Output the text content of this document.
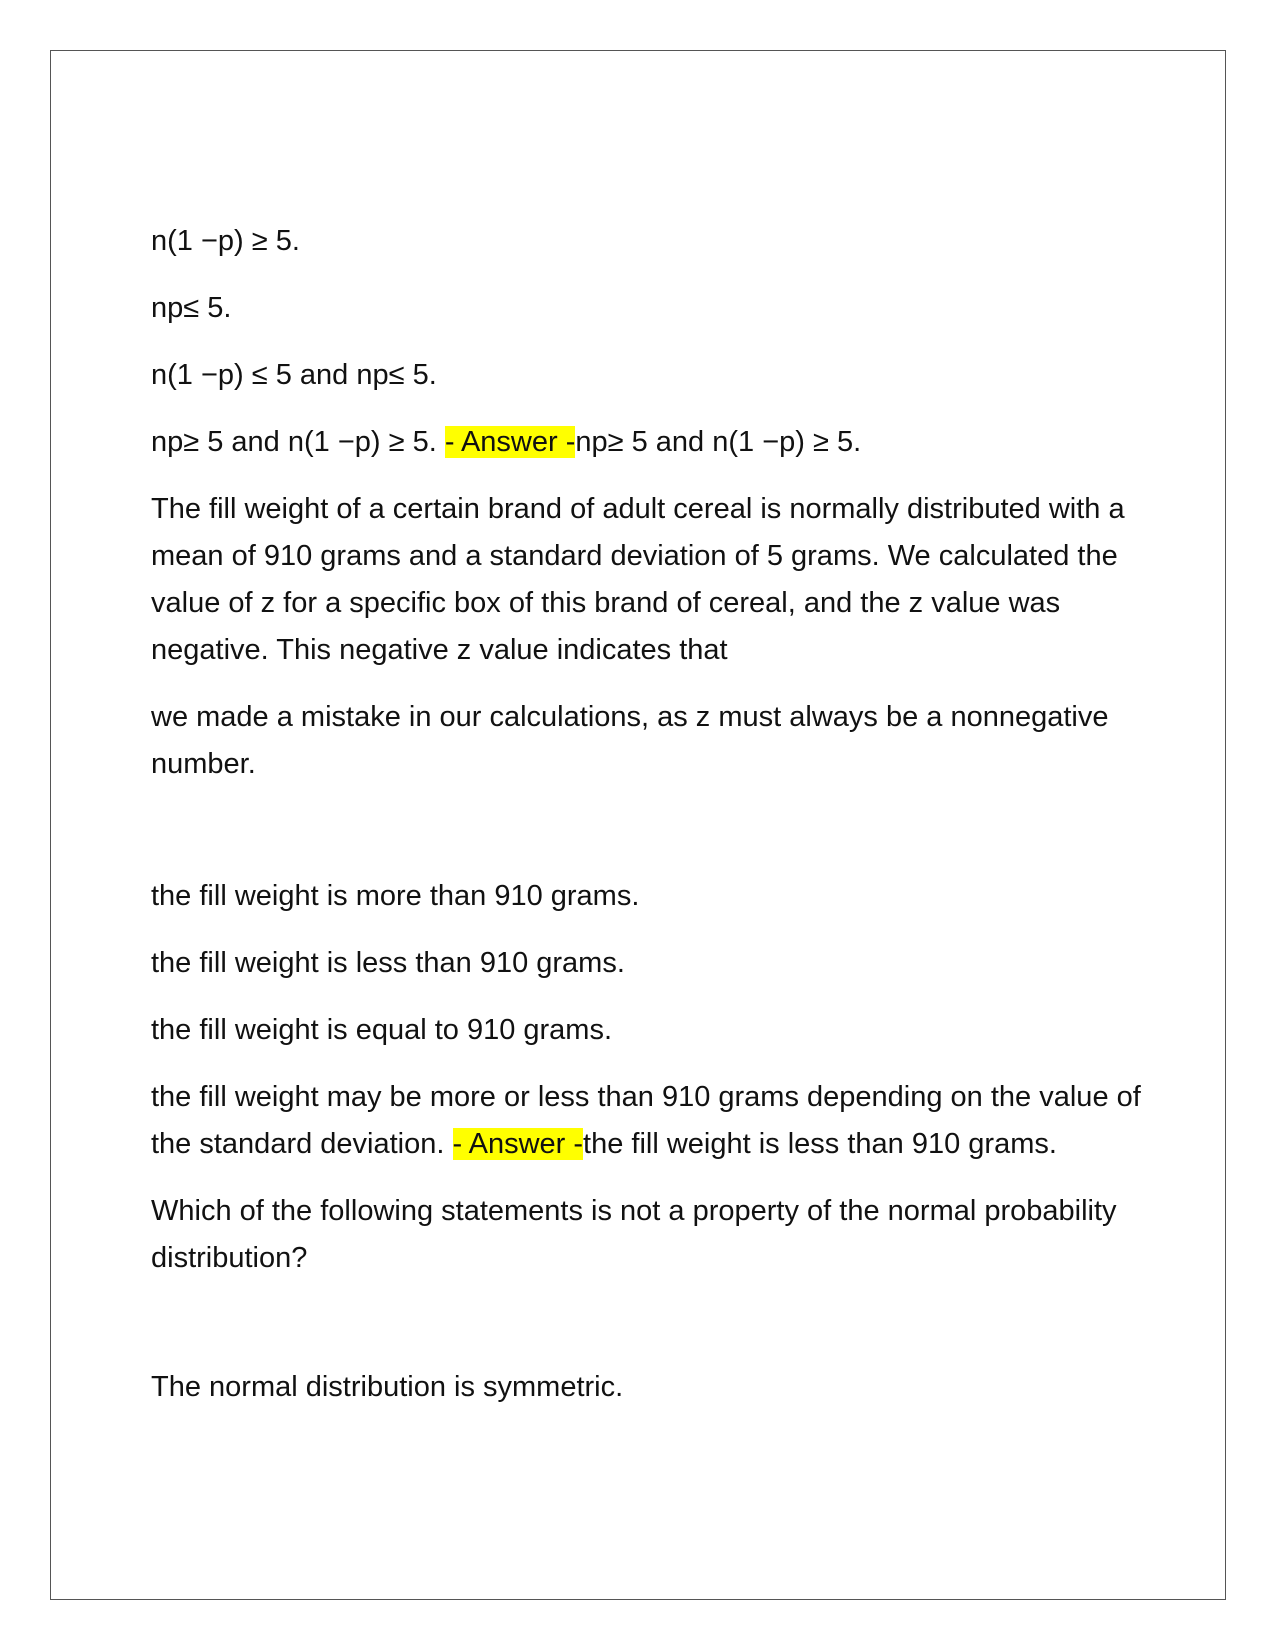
n(1 −p) ≥ 5.

np≤ 5.

n(1 −p) ≤ 5 and np≤ 5.

np≥ 5 and n(1 −p) ≥ 5. - Answer -np≥ 5 and n(1 −p) ≥ 5.

The fill weight of a certain brand of adult cereal is normally distributed with a mean of 910 grams and a standard deviation of 5 grams. We calculated the value of z for a specific box of this brand of cereal, and the z value was negative. This negative z value indicates that

we made a mistake in our calculations, as z must always be a nonnegative number.

the fill weight is more than 910 grams.

the fill weight is less than 910 grams.

the fill weight is equal to 910 grams.

the fill weight may be more or less than 910 grams depending on the value of the standard deviation. - Answer -the fill weight is less than 910 grams.

Which of the following statements is not a property of the normal probability distribution?

The normal distribution is symmetric.
